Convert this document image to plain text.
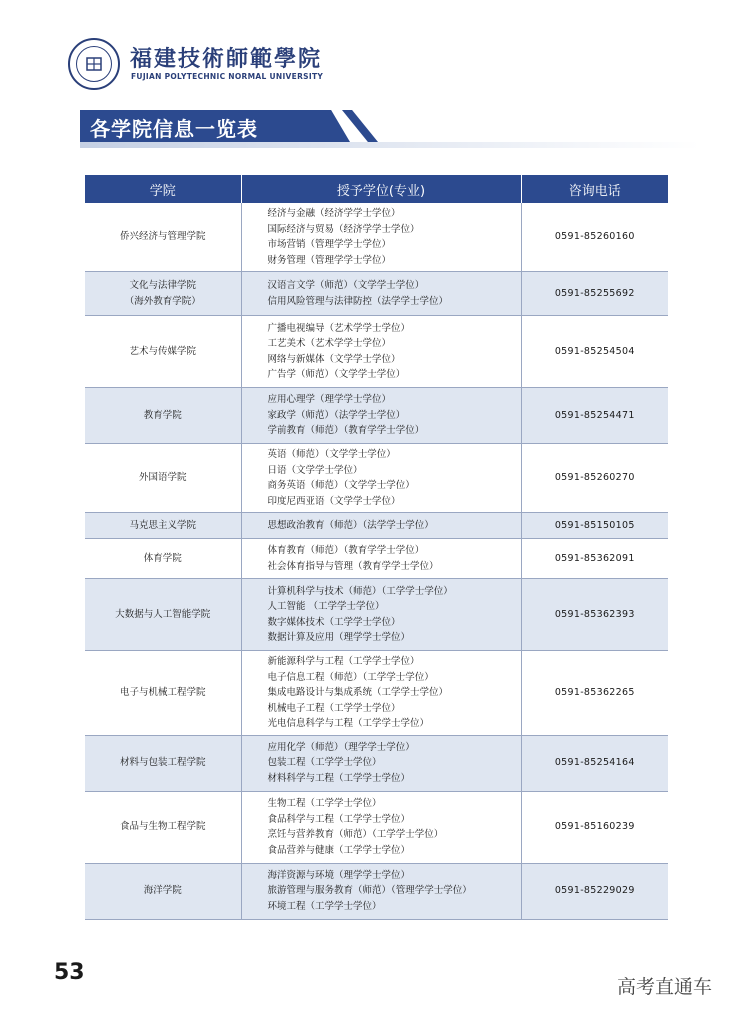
福建技術師範學院
FUJIAN POLYTECHNIC NORMAL UNIVERSITY
各学院信息一览表
学院	授予学位(专业)	咨询电话

侨兴经济与管理学院	经济与金融（经济学学士学位）
国际经济与贸易（经济学学士学位）
市场营销（管理学学士学位）
财务管理（管理学学士学位）	0591-85260160

文化与法律学院
（海外教育学院）	汉语言文学（师范）（文学学士学位）
信用风险管理与法律防控（法学学士学位）	0591-85255692

艺术与传媒学院	广播电视编导（艺术学学士学位）
工艺美术（艺术学学士学位）
网络与新媒体（文学学士学位）
广告学（师范）（文学学士学位）	0591-85254504

教育学院	应用心理学（理学学士学位）
家政学（师范）（法学学士学位）
学前教育（师范）（教育学学士学位）	0591-85254471

外国语学院	英语（师范）（文学学士学位）
日语（文学学士学位）
商务英语（师范）（文学学士学位）
印度尼西亚语（文学学士学位）	0591-85260270

马克思主义学院	思想政治教育（师范）（法学学士学位）	0591-85150105

体育学院	体育教育（师范）（教育学学士学位）
社会体育指导与管理（教育学学士学位）	0591-85362091

大数据与人工智能学院	计算机科学与技术（师范）（工学学士学位）
人工智能 （工学学士学位）
数字媒体技术（工学学士学位）
数据计算及应用（理学学士学位）	0591-85362393

电子与机械工程学院	新能源科学与工程（工学学士学位）
电子信息工程（师范）（工学学士学位）
集成电路设计与集成系统（工学学士学位）
机械电子工程（工学学士学位）
光电信息科学与工程（工学学士学位）	0591-85362265

材料与包装工程学院	应用化学（师范）（理学学士学位）
包装工程（工学学士学位）
材料科学与工程（工学学士学位）	0591-85254164

食品与生物工程学院	生物工程（工学学士学位）
食品科学与工程（工学学士学位）
烹饪与营养教育（师范）（工学学士学位）
食品营养与健康（工学学士学位）	0591-85160239

海洋学院	海洋资源与环境（理学学士学位）
旅游管理与服务教育（师范）（管理学学士学位）
环境工程（工学学士学位）	0591-85229029
53
高考直通车
